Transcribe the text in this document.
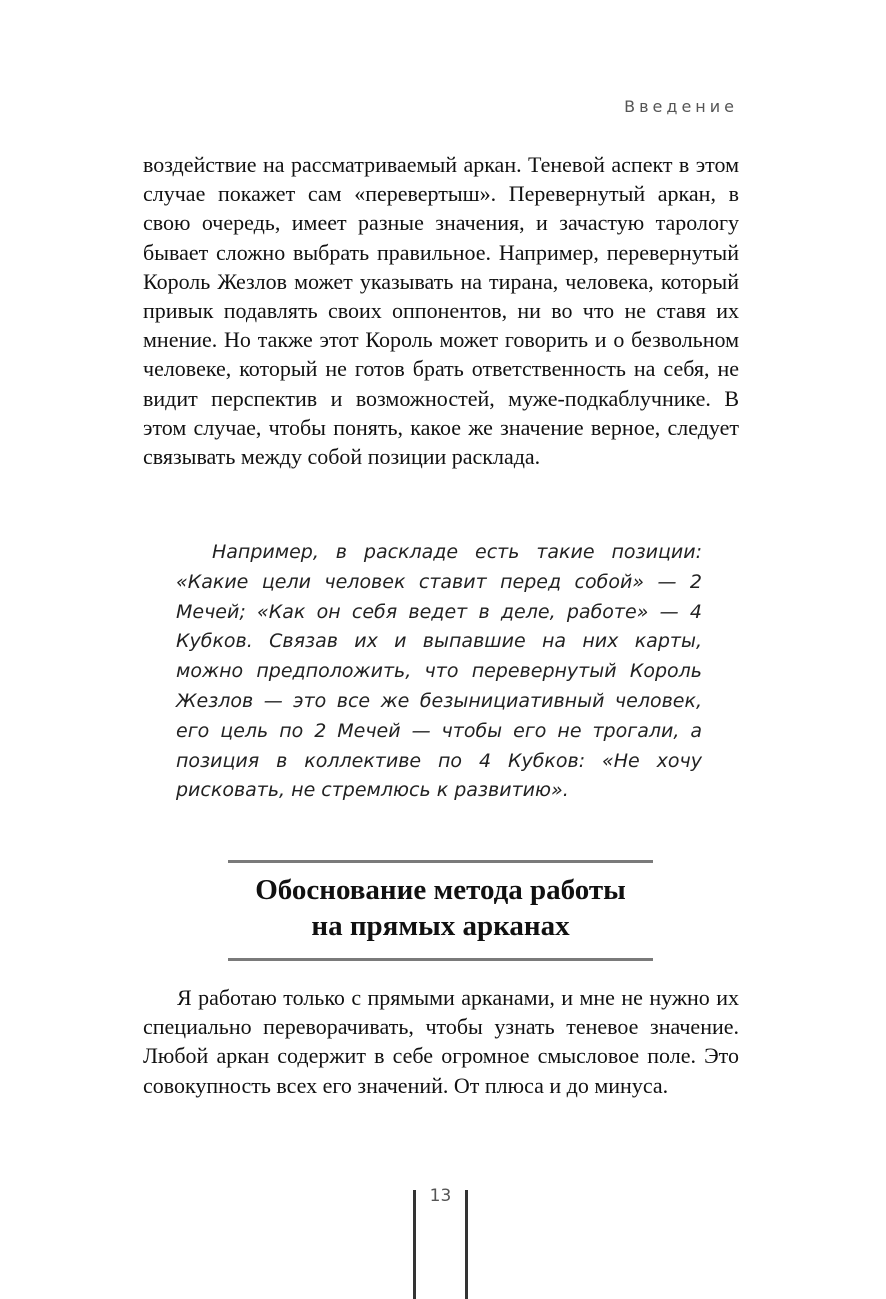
Введение

воздействие на рассматриваемый аркан. Теневой аспект в этом случае покажет сам «перевертыш». Перевернутый аркан, в свою очередь, имеет разные значения, и зачастую тарологу бывает сложно выбрать правильное. Например, перевернутый Король Жезлов может указывать на тирана, человека, который привык подавлять своих оппонентов, ни во что не ставя их мнение. Но также этот Король может говорить и о безвольном человеке, который не готов брать ответственность на себя, не видит перспектив и возможностей, муже-подкаблучнике. В этом случае, чтобы понять, какое же значение верное, следует связывать между собой позиции расклада.

Например, в раскладе есть такие позиции: «Какие цели человек ставит перед собой» — 2 Мечей; «Как он себя ведет в деле, работе» — 4 Кубков. Связав их и выпавшие на них карты, можно предположить, что перевернутый Король Жезлов — это все же безынициативный человек, его цель по 2 Мечей — чтобы его не трогали, а позиция в коллективе по 4 Кубков: «Не хочу рисковать, не стремлюсь к развитию».

Обоснование метода работы
на прямых арканах

Я работаю только с прямыми арканами, и мне не нужно их специально переворачивать, чтобы узнать теневое значение. Любой аркан содержит в себе огромное смысловое поле. Это совокупность всех его значений. От плюса и до минуса.

13
